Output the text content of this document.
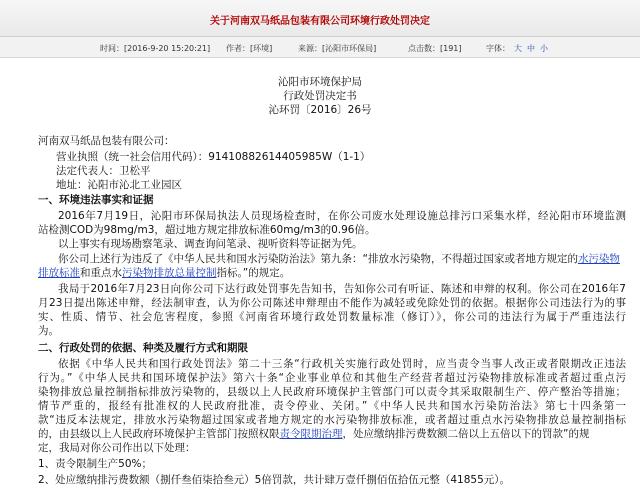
关于河南双马纸品包装有限公司环境行政处罚决定
时间：[2016-9-20 15:20:21] 作者：[环境]	来源：[沁阳市环保局]	点击数：[191]	字体： 大 中 小
沁阳市环境保护局
行政处罚决定书
沁环罚〔2016〕26号
河南双马纸品包装有限公司：
营业执照（统一社会信用代码）：91410882614405985W（1-1）
法定代表人：卫松平
地址：沁阳市沁北工业园区
一、环境违法事实和证据
2016年7月19日，沁阳市环保局执法人员现场检查时，在你公司废水处理设施总排污口采集水样，经沁阳市环境监测
站检测COD为98mg/m3，超过地方规定排放标准60mg/m3的0.96倍。
以上事实有现场勘察笔录、调查询问笔录、视听资料等证据为凭。
你公司上述行为违反了《中华人民共和国水污染防治法》第九条：“排放水污染物，不得超过国家或者地方规定的水污染物
排放标准和重点水污染物排放总量控制指标。”的规定。
我局于2016年7月23日向你公司下达行政处罚事先告知书，告知你公司有听证、陈述和申辩的权利。你公司在2016年7
月23日提出陈述申辩，经法制审查，认为你公司陈述申辩理由不能作为减轻或免除处罚的依据。根据你公司违法行为的事
实、性质、情节、社会危害程度，参照《河南省环境行政处罚数量标准（修订）》，你公司的违法行为属于严重违法行
为。
二、行政处罚的依据、种类及履行方式和期限
依据《中华人民共和国行政处罚法》第二十三条“行政机关实施行政处罚时，应当责令当事人改正或者限期改正违法
行为。”《中华人民共和国环境保护法》第六十条“企业事业单位和其他生产经营者超过污染物排放标准或者超过重点污
染物排放总量控制指标排放污染物的，县级以上人民政府环境保护主管部门可以责令其采取限制生产、停产整治等措施；
情节严重的，报经有批准权的人民政府批准，责令停业、关闭。”《中华人民共和国水污染防治法》第七十四条第一
款“违反本法规定，排放水污染物超过国家或者地方规定的水污染物排放标准，或者超过重点水污染物排放总量控制指标
的，由县级以上人民政府环境保护主管部门按照权限责令限期治理，处应缴纳排污费数额二倍以上五倍以下的罚款”的规
定，我局对你公司作出以下处理：
1、责令限制生产50%；
2、处应缴纳排污费数额（捌仟叁佰柒拾叁元）5倍罚款，共计肆万壹仟捌佰伍拾伍元整（41855元）。
